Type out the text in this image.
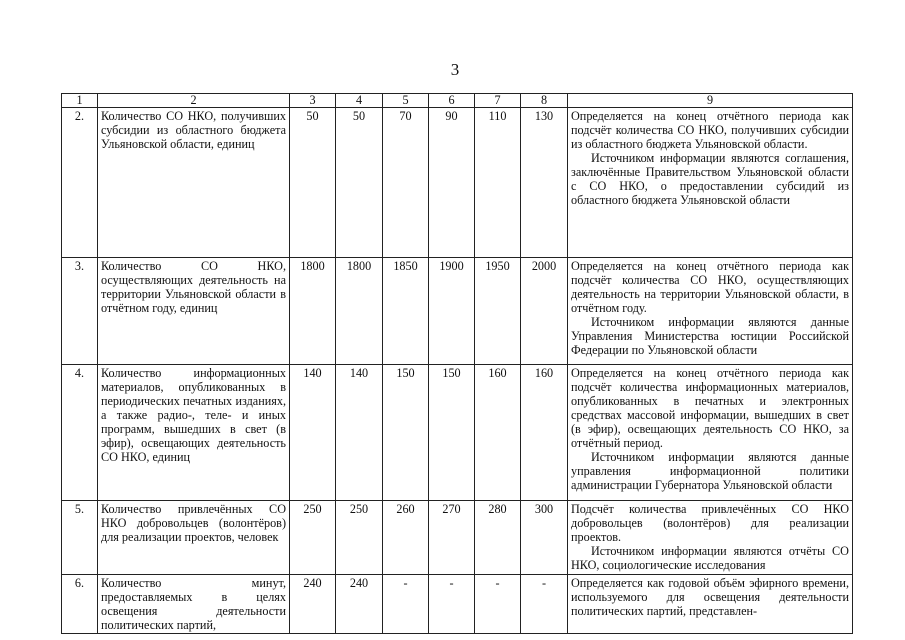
3
1	2	3	4	5	6	7	8	9
2.	Количество СО НКО, получивших субсидии из областного бюджета Ульяновской области, единиц	50	50	70	90	110	130	Определяется на конец отчётного периода как подсчёт количества СО НКО, получивших субсидии из областного бюджета Ульяновской области.

Источником информации являются соглашения, заключённые Правительством Ульяновской области с СО НКО, о предоставлении субсидий из областного бюджета Ульяновской области

3.	Количество СО НКО, осуществляющих деятельность на территории Ульяновской области в отчётном году, единиц	1800	1800	1850	1900	1950	2000	Определяется на конец отчётного периода как подсчёт количества СО НКО, осуществляющих деятельность на территории Ульяновской области, в отчётном году.

Источником информации являются данные Управления Министерства юстиции Российской Федерации по Ульяновской области

4.	Количество информационных материалов, опубликованных в периодических печатных изданиях, а также радио-, теле- и иных программ, вышедших в свет (в эфир), освещающих деятельность СО НКО, единиц	140	140	150	150	160	160	Определяется на конец отчётного периода как подсчёт количества информационных материалов, опубликованных в печатных и электронных средствах массовой информации, вышедших в свет (в эфир), освещающих деятельность СО НКО, за отчётный период.

Источником информации являются данные управления информационной политики администрации Губернатора Ульяновской области

5.	Количество привлечённых СО НКО добровольцев (волонтёров) для реализации проектов, человек	250	250	260	270	280	300	Подсчёт количества привлечённых СО НКО добровольцев (волонтёров) для реализации проектов.

Источником информации являются отчёты СО НКО, социологические исследования

6.	Количество минут, предоставляемых в целях освещения деятельности политических партий,	240	240	-	-	-	-	Определяется как годовой объём эфирного времени, используемого для освещения деятельности политических партий, представлен-
